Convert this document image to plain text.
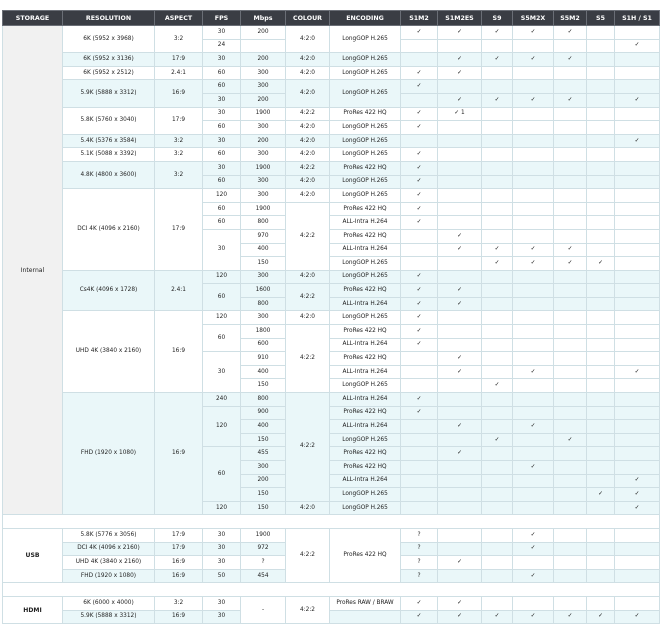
STORAGE	RESOLUTION	ASPECT	FPS	Mbps	COLOUR	ENCODING	S1M2	S1M2ES	S9	S5M2X	S5M2	S5	S1H / S1
Internal	6K (5952 x 3968)	3:2	30	200	4:2:0	LongGOP H.265	✓	✓	✓	✓	✓		
			24										✓
	6K (5952 x 3136)	17:9	30	200	4:2:0	LongGOP H.265		✓	✓	✓	✓		
	6K (5952 x 2512)	2.4:1	60	300	4:2:0	LongGOP H.265	✓	✓					
	5.9K (5888 x 3312)	16:9	60	300	4:2:0	LongGOP H.265	✓						
			30	200				✓	✓	✓	✓		✓
	5.8K (5760 x 3040)	17:9	30	1900	4:2:2	ProRes 422 HQ	✓	✓ 1					
			60	300	4:2:0	LongGOP H.265	✓						
	5.4K (5376 x 3584)	3:2	30	200	4:2:0	LongGOP H.265							✓
	5.1K (5088 x 3392)	3:2	60	300	4:2:0	LongGOP H.265	✓						
	4.8K (4800 x 3600)	3:2	30	1900	4:2:2	ProRes 422 HQ	✓						
			60	300	4:2:0	LongGOP H.265	✓						
	DCI 4K (4096 x 2160)	17:9	120	300	4:2:0	LongGOP H.265	✓						
			60	1900	4:2:2	ProRes 422 HQ	✓						
			60	800		ALL-Intra H.264	✓						
			30	970		ProRes 422 HQ		✓					
				400		ALL-Intra H.264		✓	✓	✓	✓		
				150		LongGOP H.265			✓	✓	✓	✓	
	Cs4K (4096 x 1728)	2.4:1	120	300	4:2:0	LongGOP H.265	✓						
			60	1600	4:2:2	ProRes 422 HQ	✓	✓					
				800		ALL-Intra H.264	✓	✓					
	UHD 4K (3840 x 2160)	16:9	120	300	4:2:0	LongGOP H.265	✓						
			60	1800	4:2:2	ProRes 422 HQ	✓						
				600		ALL-Intra H.264	✓						
			30	910		ProRes 422 HQ		✓					
				400		ALL-Intra H.264		✓		✓			✓
				150		LongGOP H.265			✓				
	FHD (1920 x 1080)	16:9	240	800	4:2:2	ALL-Intra H.264	✓						
			120	900		ProRes 422 HQ	✓						
				400		ALL-Intra H.264		✓		✓			
				150		LongGOP H.265			✓		✓		
			60	455		ProRes 422 HQ		✓					
				300		ProRes 422 HQ				✓			
				200		ALL-Intra H.264							✓
				150		LongGOP H.265						✓	✓
			120	150	4:2:0	LongGOP H.265							✓

USB	5.8K (5776 x 3056)	17:9	30	1900	4:2:2	ProRes 422 HQ	?			✓			
	DCI 4K (4096 x 2160)	17:9	30	972			?			✓			
	UHD 4K (3840 x 2160)	16:9	30	?			?	✓					
	FHD (1920 x 1080)	16:9	50	454			?			✓			

HDMI	6K (6000 x 4000)	3:2	30	-	4:2:2	ProRes RAW / BRAW	✓	✓					
	5.9K (5888 x 3312)	16:9	30				✓	✓	✓	✓	✓	✓	✓
